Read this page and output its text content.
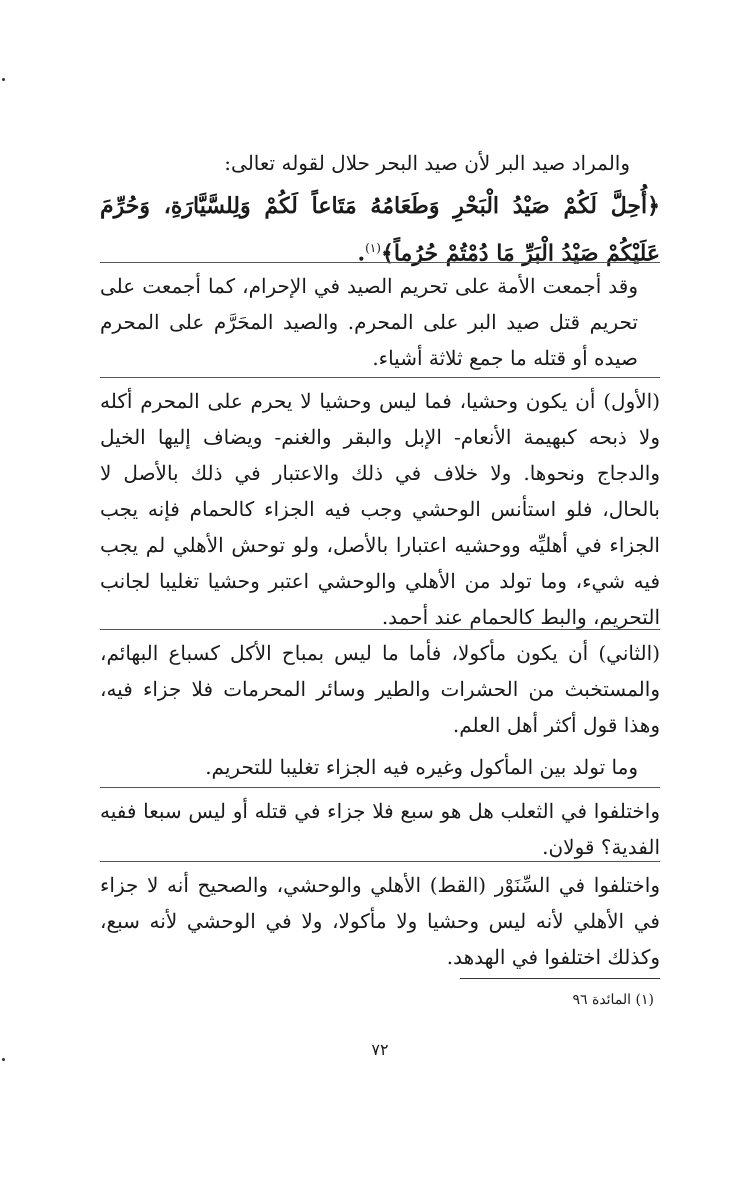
والمراد صيد البر لأن صيد البحر حلال لقوله تعالى:

﴿أُحِلَّ لَكُمْ صَيْدُ الْبَحْرِ وَطَعَامُهُ مَتَاعاً لَكُمْ وَلِلسَّيَّارَةِ، وَحُرِّمَ عَلَيْكُمْ صَيْدُ الْبَرِّ مَا دُمْتُمْ حُرُماً﴾$^{(١)}$.

وقد أجمعت الأمة على تحريم الصيد في الإحرام، كما أجمعت على تحريم قتل صيد البر على المحرم. والصيد المحَرَّم على المحرم صيده أو قتله ما جمع ثلاثة أشياء.

(الأول) أن يكون وحشيا، فما ليس وحشيا لا يحرم على المحرم أكله ولا ذبحه كبهيمة الأنعام- الإبل والبقر والغنم- ويضاف إليها الخيل والدجاج ونحوها. ولا خلاف في ذلك والاعتبار في ذلك بالأصل لا بالحال، فلو استأنس الوحشي وجب فيه الجزاء كالحمام فإنه يجب الجزاء في أهليِّه ووحشيه اعتبارا بالأصل، ولو توحش الأهلي لم يجب فيه شيء، وما تولد من الأهلي والوحشي اعتبر وحشيا تغليبا لجانب التحريم، والبط كالحمام عند أحمد.

(الثاني) أن يكون مأكولا، فأما ما ليس بمباح الأكل كسباع البهائم، والمستخبث من الحشرات والطير وسائر المحرمات فلا جزاء فيه، وهذا قول أكثر أهل العلم.

وما تولد بين المأكول وغيره فيه الجزاء تغليبا للتحريم.

واختلفوا في الثعلب هل هو سبع فلا جزاء في قتله أو ليس سبعا ففيه الفدية؟ قولان.

واختلفوا في السِّنَوْر (القط) الأهلي والوحشي، والصحيح أنه لا جزاء في الأهلي لأنه ليس وحشيا ولا مأكولا، ولا في الوحشي لأنه سبع، وكذلك اختلفوا في الهدهد.

(١) المائدة ٩٦
٧٢
